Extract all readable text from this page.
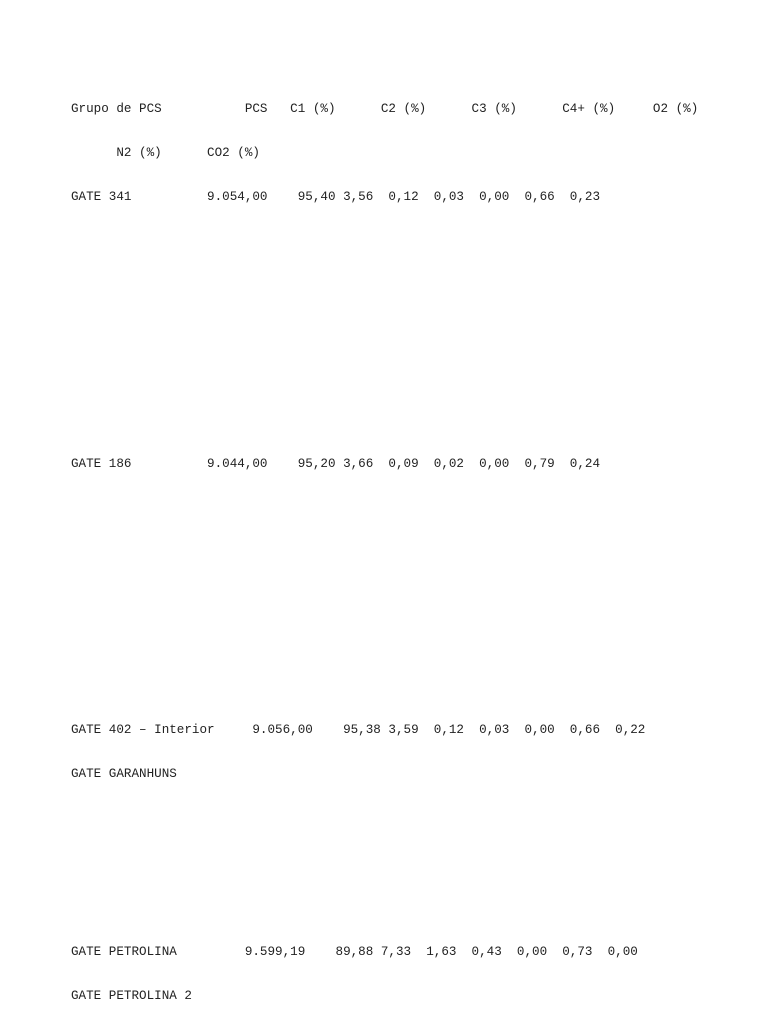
Grupo de PCS           PCS   C1 (%)      C2 (%)      C3 (%)      C4+ (%)     O2 (%)

N2 (%)      CO2 (%)

GATE 341          9.054,00    95,40 3,56  0,12  0,03  0,00  0,66  0,23

GATE 186          9.044,00    95,20 3,66  0,09  0,02  0,00  0,79  0,24

GATE 402 – Interior     9.056,00    95,38 3,59  0,12  0,03  0,00  0,66  0,22

GATE GARANHUNS

GATE PETROLINA         9.599,19    89,88 7,33  1,63  0,43  0,00  0,73  0,00

GATE PETROLINA 2
